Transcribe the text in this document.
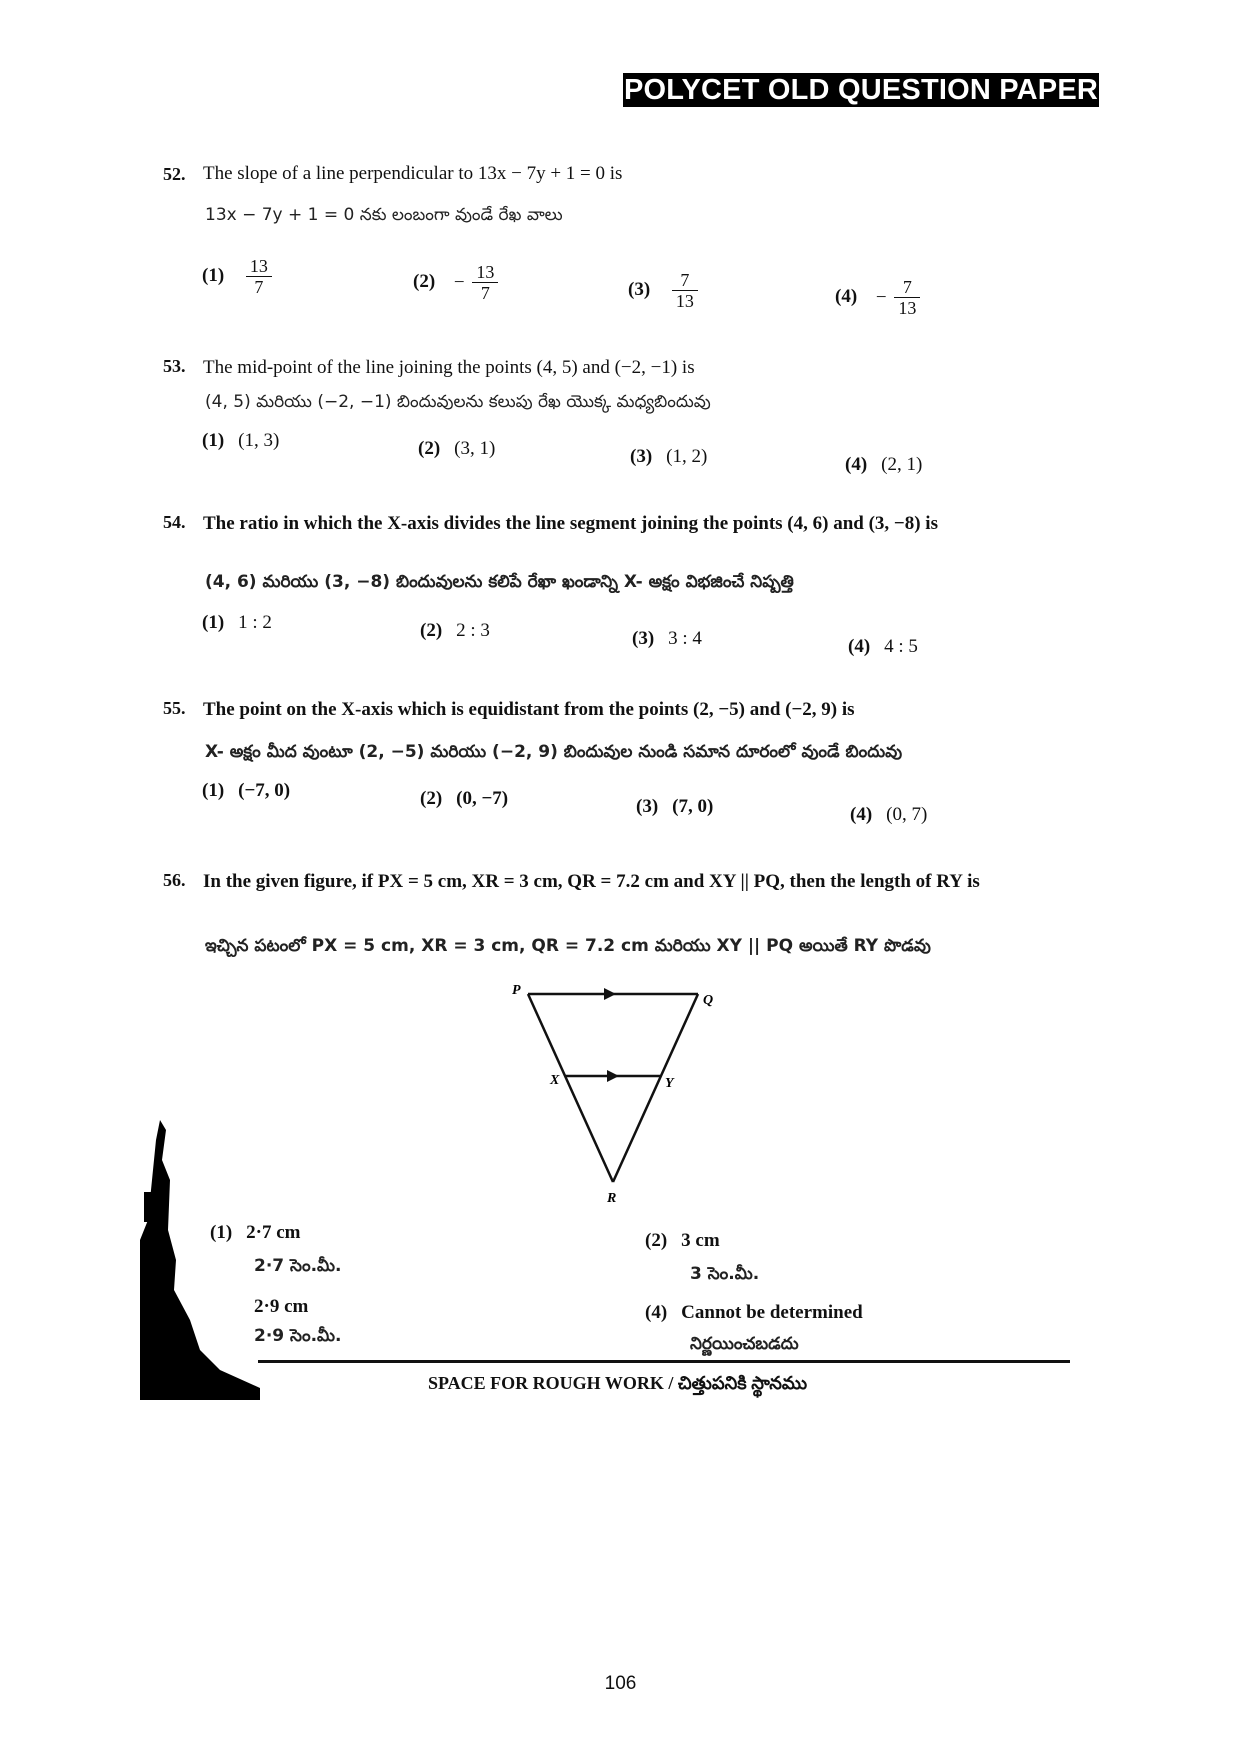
POLYCET OLD QUESTION PAPER
52. The slope of a line perpendicular to 13x − 7y + 1 = 0 is
13x − 7y + 1 = 0 నకు లంబంగా వుండే రేఖ వాలు
$(1) \frac{13}{7}$	$(2) - \frac{13}{7}$	$(3) \frac{7}{13}$	$(4) - \frac{7}{13}$
53. The mid-point of the line joining the points (4, 5) and (−2, −1) is
(4, 5) మరియు (−2, −1) బిందువులను కలుపు రేఖ యొక్క మధ్యబిందువు
(1) (1, 3)	(2) (3, 1)	(3) (1, 2)	(4) (2, 1)
54. The ratio in which the X-axis divides the line segment joining the points (4, 6) and (3, −8) is
(4, 6) మరియు (3, −8) బిందువులను కలిపే రేఖా ఖండాన్ని X- అక్షం విభజించే నిష్పత్తి
(1) 1 : 2	(2) 2 : 3	(3) 3 : 4	(4) 4 : 5
55. The point on the X-axis which is equidistant from the points (2, −5) and (−2, 9) is
X- అక్షం మీద వుంటూ (2, −5) మరియు (−2, 9) బిందువుల నుండి సమాన దూరంలో వుండే బిందువు
(1) (−7, 0)	(2) (0, −7)	(3) (7, 0)	(4) (0, 7)
56. In the given figure, if PX = 5 cm, XR = 3 cm, QR = 7.2 cm and XY || PQ, then the length of RY is
ఇచ్చిన పటంలో PX = 5 cm, XR = 3 cm, QR = 7.2 cm మరియు XY || PQ అయితే RY పొడవు
P
Q
X	Y
R
(1) 2·7 cm
2·7 సెం.మీ.
(2) 3 cm
3 సెం.మీ.
2·9 cm
2·9 సెం.మీ.
(4) Cannot be determined
నిర్ణయించబడదు
SPACE FOR ROUGH WORK / చిత్తుపనికి స్థానము
106
